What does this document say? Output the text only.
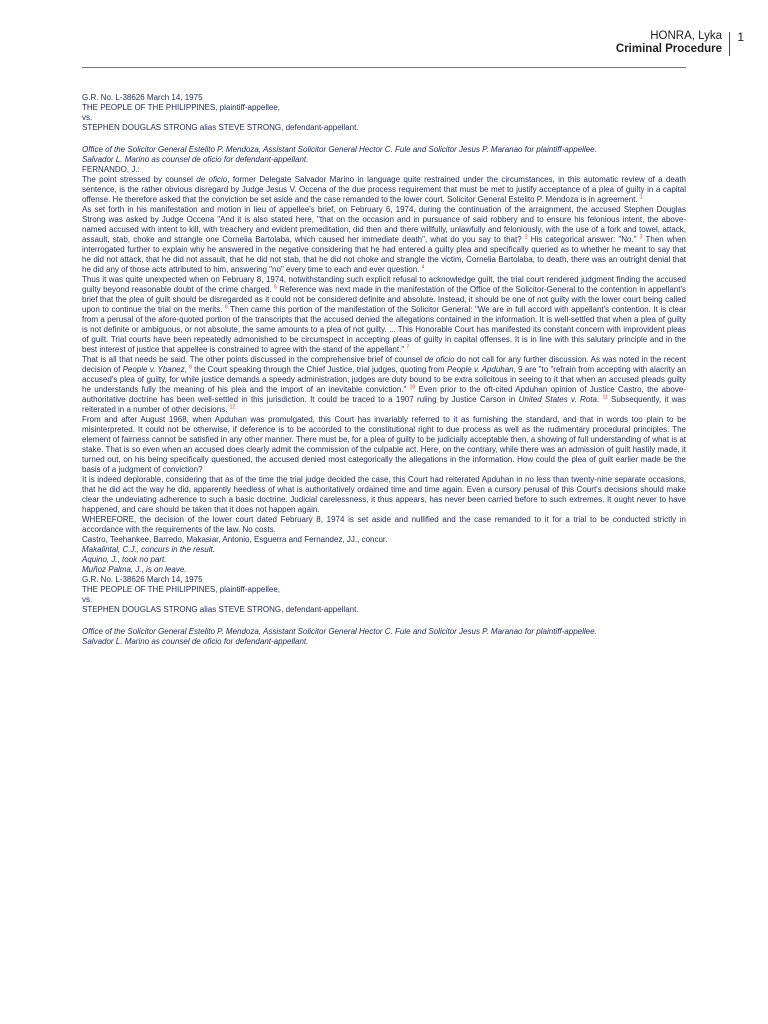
HONRA, Lyka
Criminal Procedure
1
G.R. No. L-38626 March 14, 1975
THE PEOPLE OF THE PHILIPPINES, plaintiff-appellee,
vs.
STEPHEN DOUGLAS STRONG alias STEVE STRONG, defendant-appellant.

Office of the Solicitor General Estelito P. Mendoza, Assistant Solicitor General Hector C. Fule and Solicitor Jesus P. Maranao for plaintiff-appellee.

Salvador L. Marino as counsel de oficio for defendant-appellant.

FERNANDO, J.:

The point stressed by counsel de oficio, former Delegate Salvador Marino in language quite restrained under the circumstances, in this automatic review of a death sentence, is the rather obvious disregard by Judge Jesus V. Occena of the due process requirement that must be met to justify acceptance of a plea of guilty in a capital offense. He therefore asked that the conviction be set aside and the case remanded to the lower court. Solicitor General Estelito P. Mendoza is in agreement. $^1$

As set forth in his manifestation and motion in lieu of appellee's brief, on February 6, 1974, during the continuation of the arraignment, the accused Stephen Douglas Strong was asked by Judge Occena "And it is also stated here, "that on the occasion and in pursuance of said robbery and to ensure his felonious intent, the above-named accused with intent to kill, with treachery and evident premeditation, did then and there willfully, unlawfully and feloniously, with the use of a fork and towel, attack, assault, stab, choke and strangle one Cornelia Bartolaba, which caused her immediate death", what do you say to that? $^2$ His categorical answer: "No." $^3$ Then when interrogated further to explain why he answered in the negative considering that he had entered a guilty plea and specifically queried as to whether he meant to say that he did not attack, that he did not assault, that he did not stab, that he did not choke and strangle the victim, Cornelia Bartolaba, to death, there was an outright denial that he did any of those acts attributed to him, answering "no" every time to each and ever question. $^4$

Thus it was quite unexpected when on February 8, 1974, notwithstanding such explicit refusal to acknowledge guilt, the trial court rendered judgment finding the accused guilty beyond reasonable doubt of the crime charged. $^5$ Reference was next made in the manifestation of the Office of the Solicitor-General to the contention in appellant's brief that the plea of guilt should be disregarded as it could not be considered definite and absolute. Instead, it should be one of not guilty with the lower court being called upon to continue the trial on the merits. $^6$ Then came this portion of the manifestation of the Solicitor General: "We are in full accord with appellant's contention. It is clear from a perusal of the afore-quoted portion of the transcripts that the accused denied the allegations contained in the information. It is well-settled that when a plea of guilty is not definite or ambiguous, or not absolute, the same amounts to a plea of not guilty. ... This Honorable Court has manifested its constant concern with improvident pleas of guilt. Trial courts have been repeatedly admonished to be circumspect in accepting pleas of guilty in capital offenses. It is in line with this salutary principle and in the best interest of justice that appellee is constrained to agree with the stand of the appellant." $^7$

That is all that needs be said. The other points discussed in the comprehensive brief of counsel de oficio do not call for any further discussion. As was noted in the recent decision of People v. Ybanez, $^8$ the Court speaking through the Chief Justice, trial judges, quoting from People v. Apduhan, 9 are "to "refrain from accepting with alacrity an accused's plea of guilty, for while justice demands a speedy administration, judges are duty bound to be extra solicitous in seeing to it that when an accused pleads guilty he understands fully the meaning of his plea and the import of an inevitable conviction." $^{10}$ Even prior to the oft-cited Apduhan opinion of Justice Castro, the above-authoritative doctrine has been well-settled in this jurisdiction. It could be traced to a 1907 ruling by Justice Carson in United States v. Rota. $^{11}$ Subsequently, it was reiterated in a number of other decisions. $^{12}$

From and after August 1968, when Apduhan was promulgated, this Court has invariably referred to it as furnishing the standard, and that in words too plain to be misinterpreted. It could not be otherwise, if deference is to be accorded to the constitutional right to due process as well as the rudimentary procedural principles. The element of fairness cannot be satisfied in any other manner. There must be, for a plea of guilty to be judicially acceptable then, a showing of full understanding of what is at stake. That is so even when an accused does clearly admit the commission of the culpable act. Here, on the contrary, while there was an admission of guilt hastily made, it turned out, on his being specifically questioned, the accused denied most categorically the allegations in the information. How could the plea of guilt earlier made be the basis of a judgment of conviction?

It is indeed deplorable, considering that as of the time the trial judge decided the case, this Court had reiterated Apduhan in no less than twenty-nine separate occasions, that he did act the way he did, apparently heedless of what is authoritatively ordained time and time again. Even a cursory perusal of this Court's decisions should make clear the undeviating adherence to such a basic doctrine. Judicial carelessness, it thus appears, has never been carried before to such extremes. It ought never to have happened, and care should be taken that it does not happen again.

WHEREFORE, the decision of the lower court dated February 8, 1974 is set aside and nullified and the case remanded to it for a trial to be conducted strictly in accordance with the requirements of the law. No costs.

Castro, Teehankee, Barredo, Makasiar, Antonio, Esguerra and Fernandez, JJ., concur.

Makalintal, C.J., concurs in the result.

Aquino, J., took no part.

Muñoz Palma, J., is on leave.

G.R. No. L-38626 March 14, 1975
THE PEOPLE OF THE PHILIPPINES, plaintiff-appellee,
vs.
STEPHEN DOUGLAS STRONG alias STEVE STRONG, defendant-appellant.

Office of the Solicitor General Estelito P. Mendoza, Assistant Solicitor General Hector C. Fule and Solicitor Jesus P. Maranao for plaintiff-appellee.

Salvador L. Marino as counsel de oficio for defendant-appellant.
